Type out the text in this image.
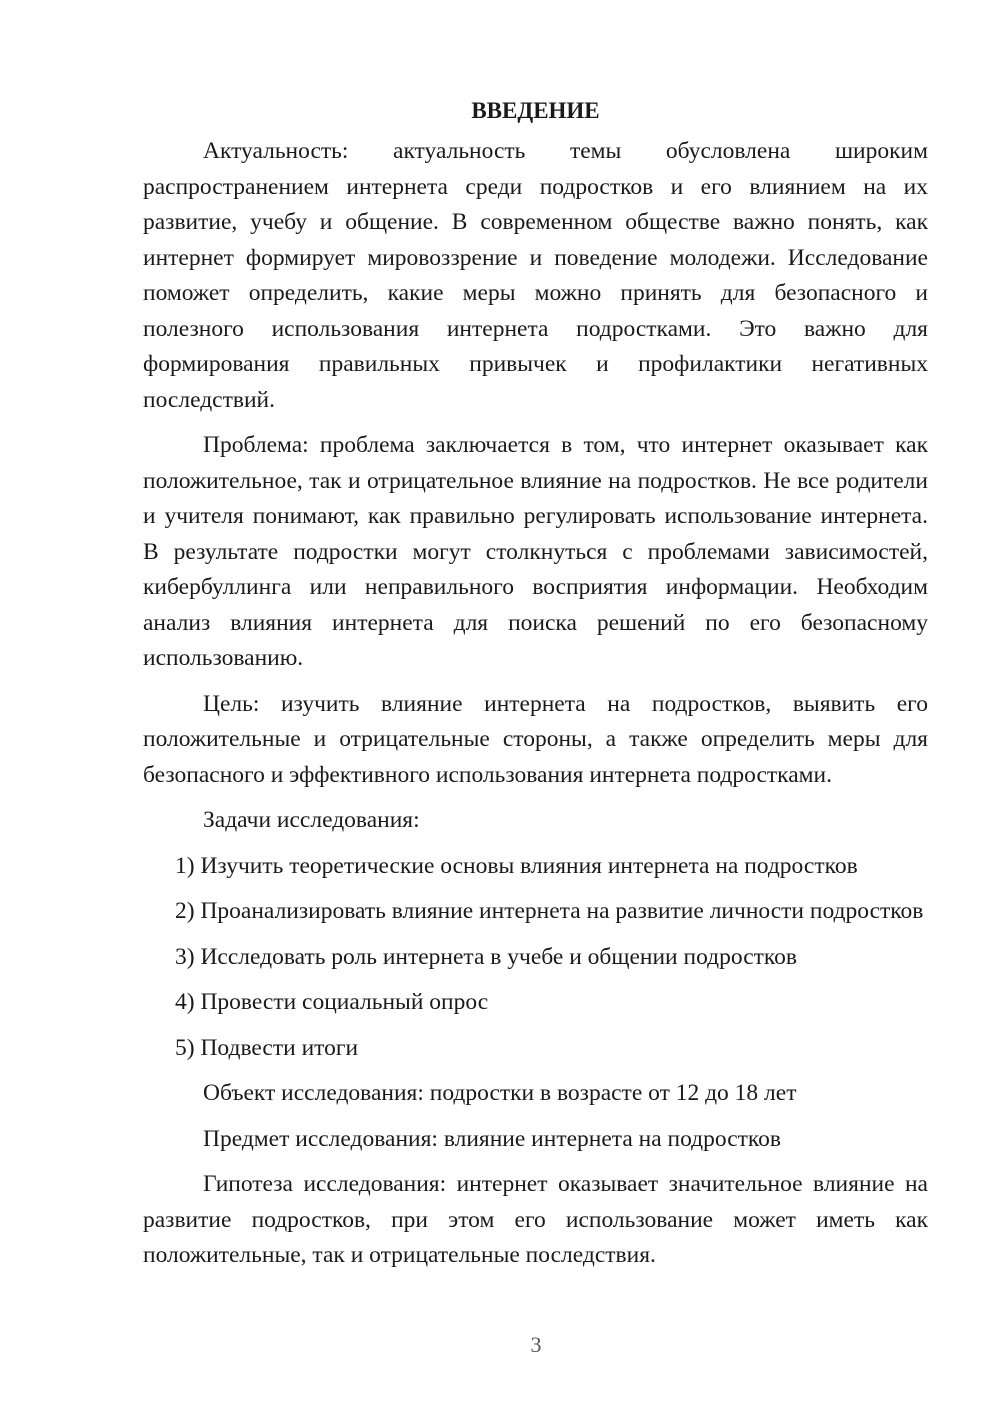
ВВЕДЕНИЕ

Актуальность: актуальность темы обусловлена широким распространением интернета среди подростков и его влиянием на их развитие, учебу и общение. В современном обществе важно понять, как интернет формирует мировоззрение и поведение молодежи. Исследование поможет определить, какие меры можно принять для безопасного и полезного использования интернета подростками. Это важно для формирования правильных привычек и профилактики негативных последствий.

Проблема: проблема заключается в том, что интернет оказывает как положительное, так и отрицательное влияние на подростков. Не все родители и учителя понимают, как правильно регулировать использование интернета. В результате подростки могут столкнуться с проблемами зависимостей, кибербуллинга или неправильного восприятия информации. Необходим анализ влияния интернета для поиска решений по его безопасному использованию.

Цель: изучить влияние интернета на подростков, выявить его положительные и отрицательные стороны, а также определить меры для безопасного и эффективного использования интернета подростками.

Задачи исследования:

1) Изучить теоретические основы влияния интернета на подростков

2) Проанализировать влияние интернета на развитие личности подростков

3) Исследовать роль интернета в учебе и общении подростков

4) Провести социальный опрос

5) Подвести итоги

Объект исследования: подростки в возрасте от 12 до 18 лет

Предмет исследования: влияние интернета на подростков

Гипотеза исследования: интернет оказывает значительное влияние на развитие подростков, при этом его использование может иметь как положительные, так и отрицательные последствия.

3
